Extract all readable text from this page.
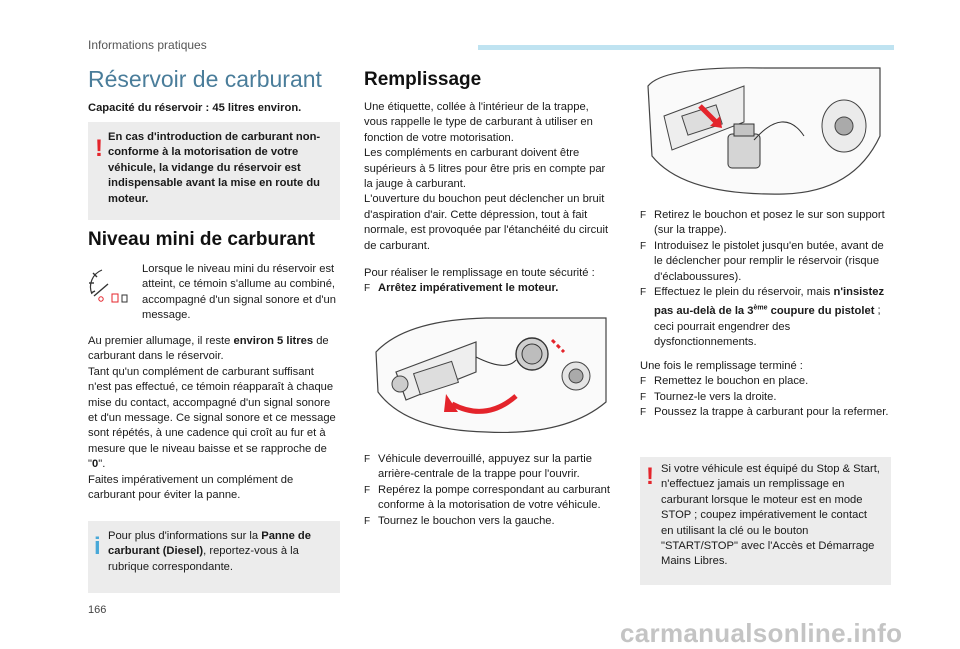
Informations pratiques
Réservoir de carburant
Capacité du réservoir : 45 litres environ.
! En cas d'introduction de carburant non-conforme à la motorisation de votre véhicule, la vidange du réservoir est indispensable avant la mise en route du moteur.
Niveau mini de carburant
Lorsque le niveau mini du réservoir est atteint, ce témoin s'allume au combiné, accompagné d'un signal sonore et d'un message.

Au premier allumage, il reste environ 5 litres de carburant dans le réservoir.

Tant qu'un complément de carburant suffisant n'est pas effectué, ce témoin réapparaît à chaque mise du contact, accompagné d'un signal sonore et d'un message. Ce signal sonore et ce message sont répétés, à une cadence qui croît au fur et à mesure que le niveau baisse et se rapproche de "0".

Faites impérativement un complément de carburant pour éviter la panne.

i Pour plus d'informations sur la Panne de carburant (Diesel), reportez-vous à la rubrique correspondante.
Remplissage

Une étiquette, collée à l'intérieur de la trappe, vous rappelle le type de carburant à utiliser en fonction de votre motorisation.

Les compléments en carburant doivent être supérieurs à 5 litres pour être pris en compte par la jauge à carburant.

L'ouverture du bouchon peut déclencher un bruit d'aspiration d'air. Cette dépression, tout à fait normale, est provoquée par l'étanchéité du circuit de carburant.

Pour réaliser le remplissage en toute sécurité :

F Arrêtez impérativement le moteur.
F Véhicule deverrouillé, appuyez sur la partie arrière-centrale de la trappe pour l'ouvrir.
F Repérez la pompe correspondant au carburant conforme à la motorisation de votre véhicule.
F Tournez le bouchon vers la gauche.
F Retirez le bouchon et posez le sur son support (sur la trappe).
F Introduisez le pistolet jusqu'en butée, avant de le déclencher pour remplir le réservoir (risque d'éclaboussures).
F Effectuez le plein du réservoir, mais n'insistez pas au-delà de la 3ème coupure du pistolet ; ceci pourrait engendrer des dysfonctionnements.

Une fois le remplissage terminé :

F Remettez le bouchon en place.
F Tournez-le vers la droite.
F Poussez la trappe à carburant pour la refermer.
! Si votre véhicule est équipé du Stop & Start, n'effectuez jamais un remplissage en carburant lorsque le moteur est en mode STOP ; coupez impérativement le contact en utilisant la clé ou le bouton "START/STOP" avec l'Accès et Démarrage Mains Libres.
166
carmanualsonline.info
